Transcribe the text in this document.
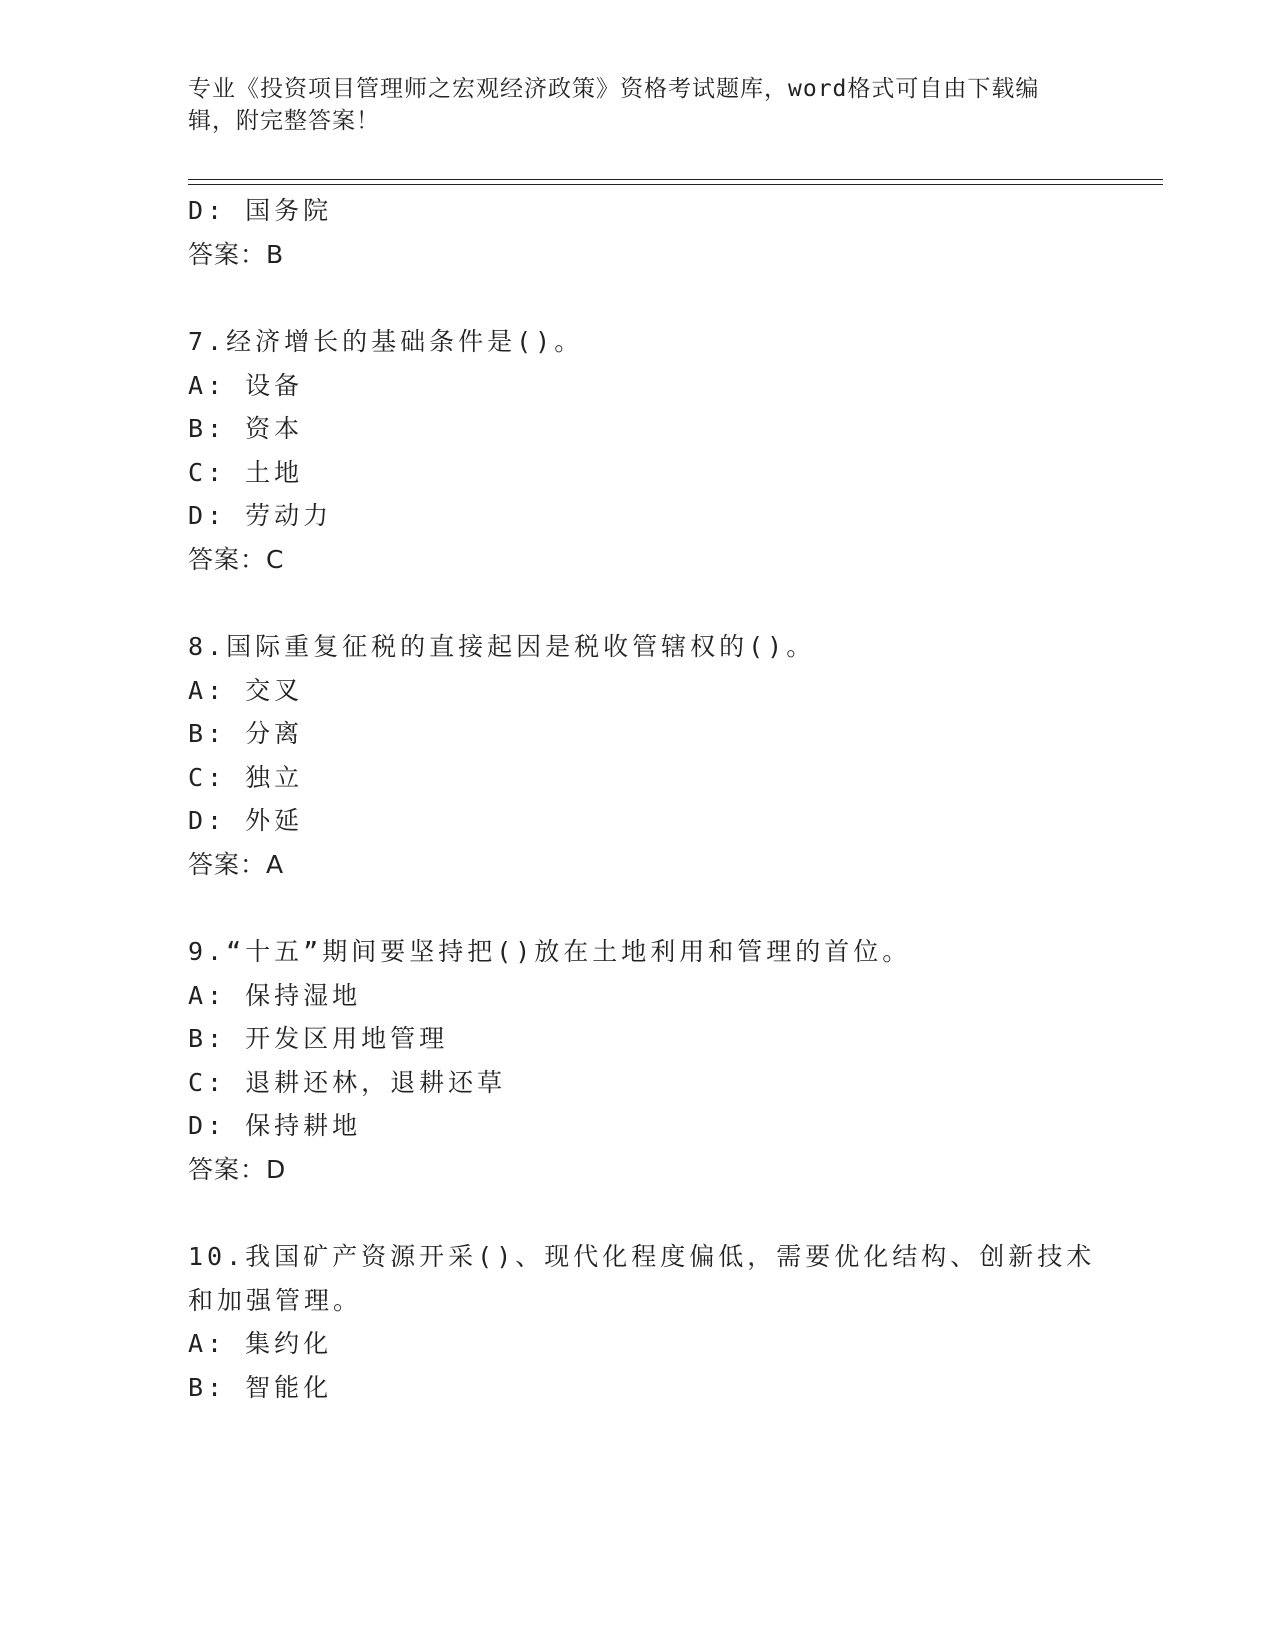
专业《投资项目管理师之宏观经济政策》资格考试题库，word格式可自由下载编
辑，附完整答案！
D: 国务院
答案：B
7.经济增长的基础条件是()。
A: 设备
B: 资本
C: 土地
D: 劳动力
答案：C
8.国际重复征税的直接起因是税收管辖权的()。
A: 交叉
B: 分离
C: 独立
D: 外延
答案：A
9.“十五”期间要坚持把()放在土地利用和管理的首位。
A: 保持湿地
B: 开发区用地管理
C: 退耕还林，退耕还草
D: 保持耕地
答案：D
10.我国矿产资源开采()、现代化程度偏低，需要优化结构、创新技术
和加强管理。
A: 集约化
B: 智能化
